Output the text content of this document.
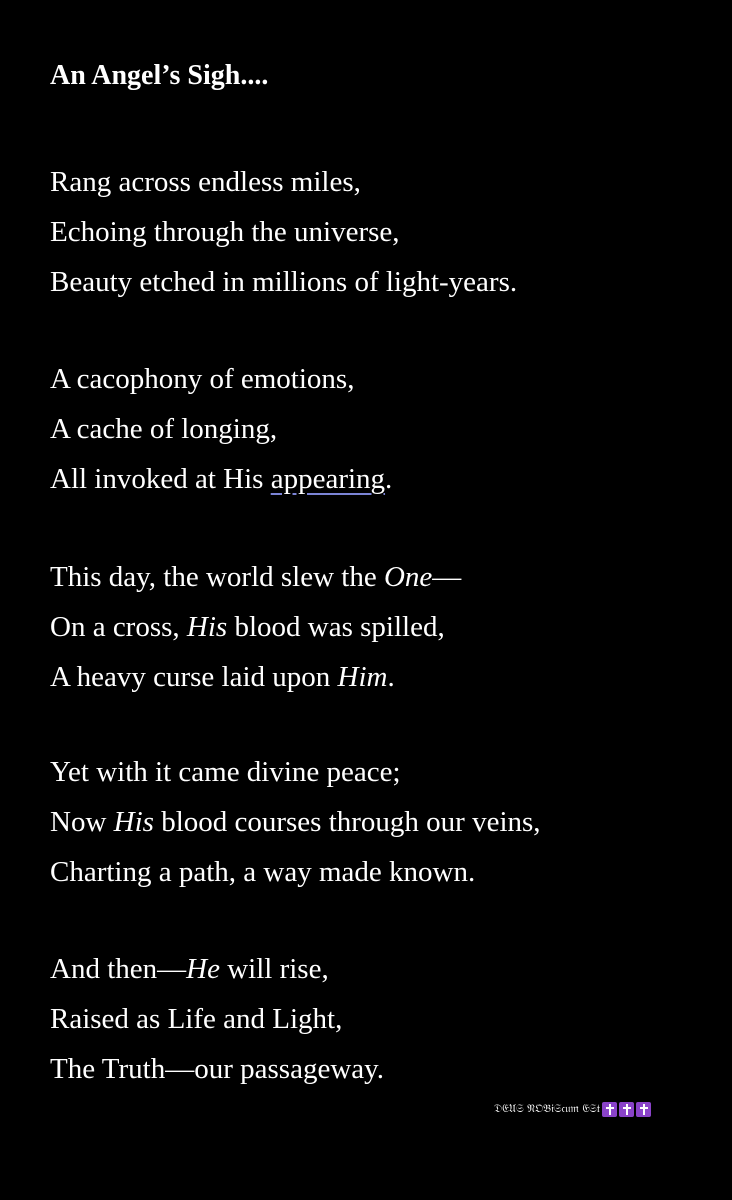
An Angel’s Sigh....
Rang across endless miles,
Echoing through the universe,
Beauty etched in millions of light-years.
A cacophony of emotions,
A cache of longing,
All invoked at His appearing.
This day, the world slew the One—
On a cross, His blood was spilled,
A heavy curse laid upon Him.
Yet with it came divine peace;
Now His blood courses through our veins,
Charting a path, a way made known.
And then—He will rise,
Raised as Life and Light,
The Truth—our passageway.
𝔇𝔈𝔘𝔖 𝔑𝔒𝔅𝔦𝔖𝔠𝔲𝔪 𝔈𝔖𝔱
